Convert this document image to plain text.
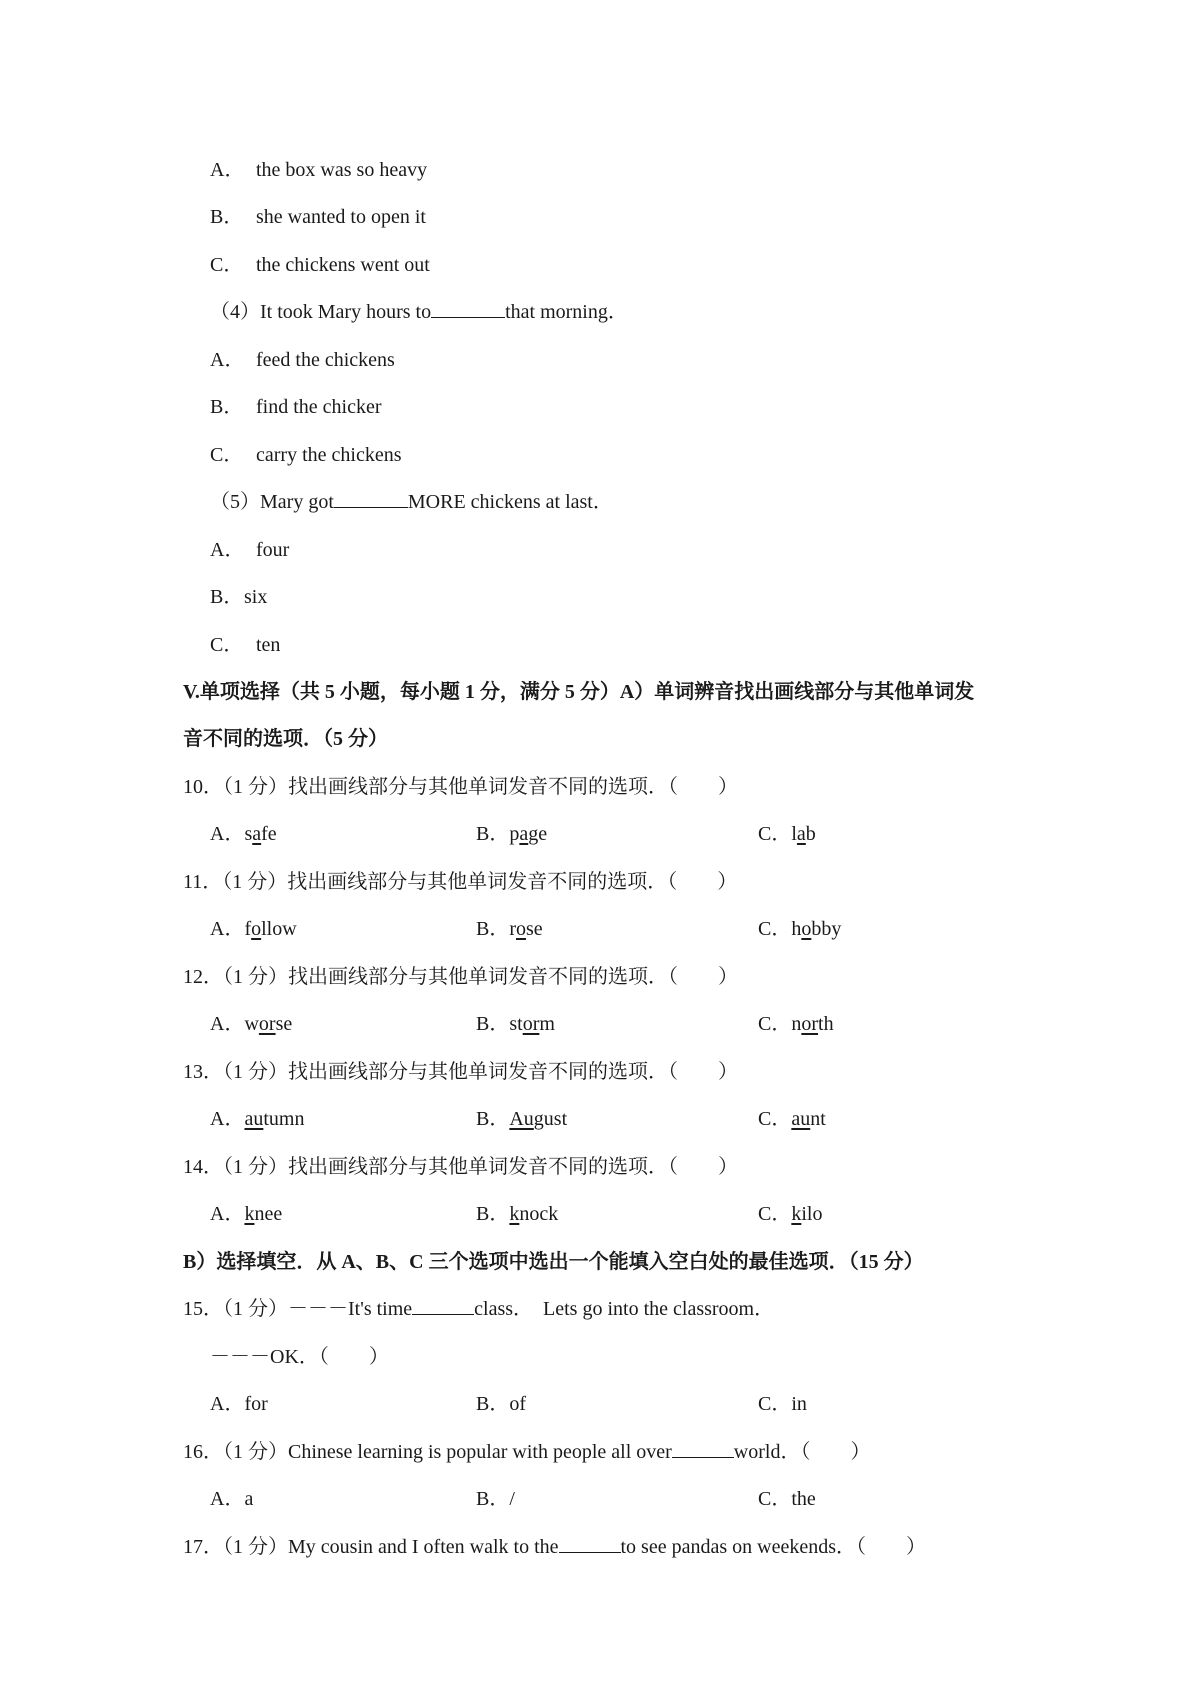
A． the box was so heavy
B． she wanted to open it
C． the chickens went out
（4）It took Mary hours to	that morning．
A． feed the chickens
B． find the chicker
C． carry the chickens
（5）Mary got	MORE chickens at last．
A． four
B． six
C． ten
V.单项选择（共 5 小题，每小题 1 分，满分 5 分）A）单词辨音找出画线部分与其他单词发
音不同的选项．（5 分）
10．（1 分）找出画线部分与其他单词发音不同的选项．（　　）
A．safe	B．page	C．lab
11．（1 分）找出画线部分与其他单词发音不同的选项．（　　）
A．follow	B．rose	C．hobby
12．（1 分）找出画线部分与其他单词发音不同的选项．（　　）
A．worse	B．storm	C．north
13．（1 分）找出画线部分与其他单词发音不同的选项．（　　）
A．autumn	B．August	C．aunt
14．（1 分）找出画线部分与其他单词发音不同的选项．（　　）
A．knee	B．knock	C．kilo
B）选择填空．从 A、B、C 三个选项中选出一个能填入空白处的最佳选项．（15 分）
15．（1 分）－－－It's time	class．　Lets go into the classroom．
－－－OK．（　　）
A．for	B．of	C．in
16．（1 分）Chinese learning is popular with people all over	world．（　　）
A．a	B．/	C．the
17．（1 分）My cousin and I often walk to the	to see pandas on weekends．（　　）
